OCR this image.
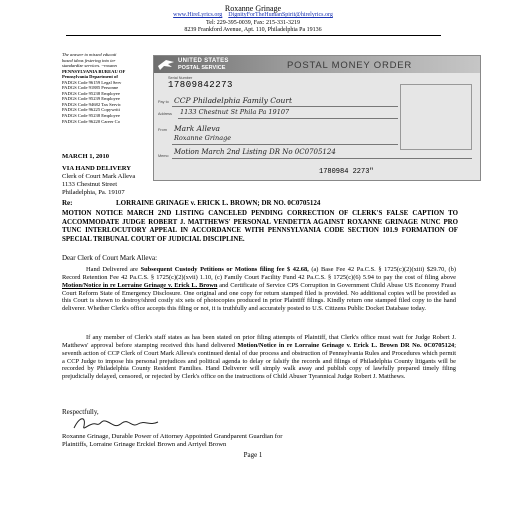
Roxanne Grinage
www.HireLyrics.org DignityForTheHumanSpirit@hirelyrics.org
Tel: 229-395-0039, Fax: 215-331-3219
8239 Frankford Avenue, Apt. 110, Philadelphia Pa 19136
The answer to missed educati
based ideas festering into ter
standardize services. ~roxann
PENNSYLVANIA BUREAU OF
Pennsylvania Department of
PADGS Code 96159 Legal Serv
PADGS Code 91885 Personne
PADGS Code 95238 Employee
PADGS Code 95239 Employee
PADGS Code 94682 Tax Servic
PADGS Code 96225 Copywriti
PADGS Code 95238 Employee
PADGS Code 96220 Career Co
UNITED STATES
POSTAL SERVICE	POSTAL MONEY ORDER
Serial Number
17809842273
Pay to CCP Philadelphia Family Court
Address 1133 Chestnut St Phila Pa 19107
From Mark Alleva
Roxanne Grinage
Memo Motion March 2nd Listing DR No 0C0705124
1780984 2273"
MARCH 1, 2010
VIA HAND DELIVERY
Clerk of Court Mark Alleva
1133 Chestnut Street
Re:	LORRAINE GRINAGE v. ERICK L. BROWN; DR NO. 0C0705124
Philadelphia, Pa. 19107
MOTION NOTICE MARCH 2ND LISTING CANCELED PENDING CORRECTION OF CLERK'S FALSE CAPTION TO ACCOMMODATE JUDGE ROBERT J. MATTHEWS' PERSONAL VENDETTA AGAINST ROXANNE GRINAGE NUNC PRO TUNC INTERLOCUTORY APPEAL IN ACCORDANCE WITH PENNSYLVANIA CODE SECTION 101.9 FORMATION OF SPECIAL TRIBUNAL COURT OF JUDICIAL DISCIPLINE.
Dear Clerk of Court Mark Alleva:
Hand Delivered are Subsequent Custody Petitions or Motions filing fee $ 42.68, (a) Base Fee 42 Pa.C.S. § 1725(c)(2)(xiii) $29.70, (b) Record Retention Fee 42 Pa.C.S. § 1725(c)(2)(xvii) 1.10, (c) Family Court Facility Fund 42 Pa.C.S. § 1725(c)(6) 5.94 to pay the cost of filing above Motion/Notice in re Lorraine Grinage v. Erick L. Brown and Certificate of Service CPS Corruption in Government Child Abuse US Economy Fraud Court Reform State of Emergency Disclosure. One original and one copy for return stamped filed is provided. No additional copies will be provided as this Court is shown to destroy/shred costly six sets of photocopies produced in prior Plaintiff filings. Kindly return one stamped filed copy to the hand deliverer. Whether Clerk's office accepts this filing or not, it is truthfully and accurately posted to U.S. Citizens Public Docket Database today.
If any member of Clerk's staff states as has been stated on prior filing attempts of Plaintiff, that Clerk's office must wait for Judge Robert J. Matthews' approval before stamping received this hand delivered Motion/Notice in re Lorraine Grinage v. Erick L. Brown DR No. 0C0705124; seventh action of CCP Clerk of Court Mark Alleva's continued denial of due process and obstruction of Pennsylvania Rules and Procedures which permit a CCP Judge to impose his personal prejudices and political agenda to delay or falsify the records and filings of Philadelphia County litigants will be recorded by Philadelphia County Resident Families. Hand Deliverer will simply walk away and publish copy of lawfully prepared timely filing prejudicially delayed, censored, or rejected by Clerk's office on the instructions of Child Abuser Tyrannical Judge Robert J. Matthews.
Respectfully,
Roxanne Grinage, Durable Power of Attorney Appointed Grandparent Guardian for
Plaintiffs, Lorraine Grinage Erckiel Brown and Arriyel Brown
Page 1
